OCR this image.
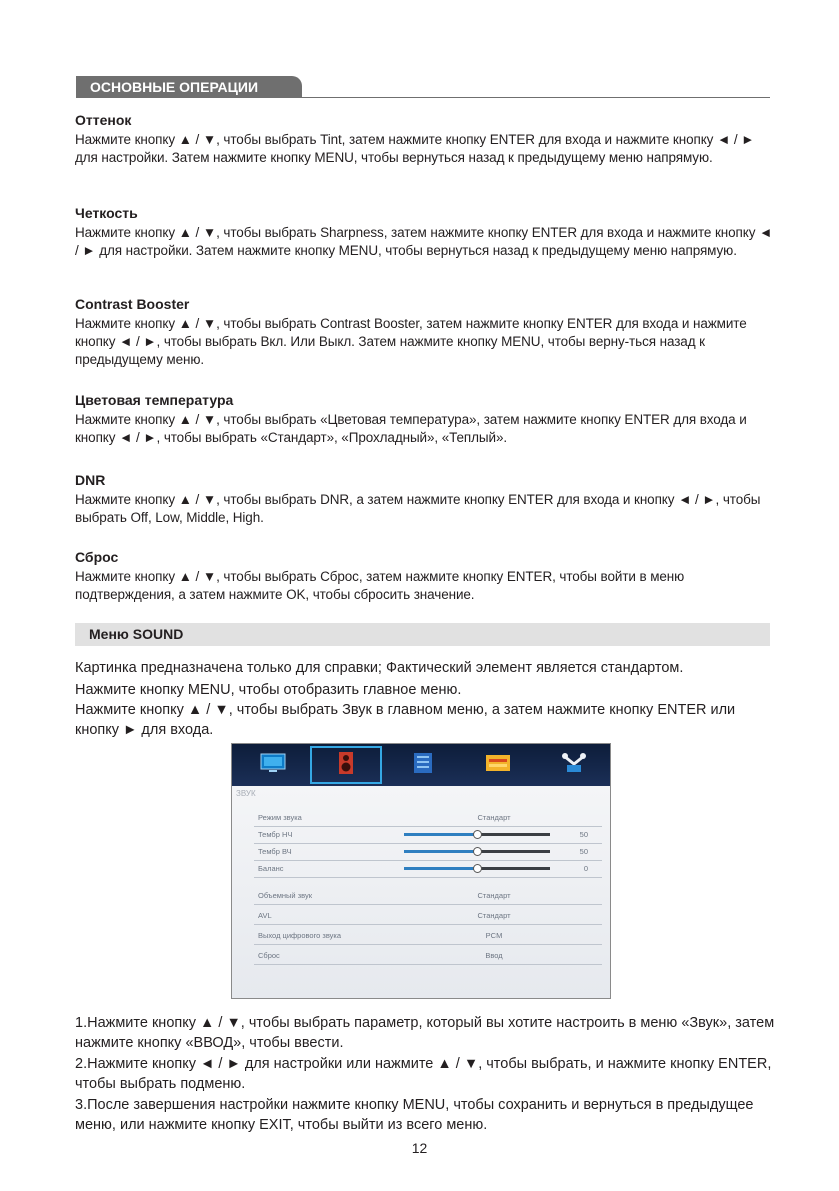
ОСНОВНЫЕ ОПЕРАЦИИ

Оттенок

Нажмите кнопку ▲ / ▼, чтобы выбрать Tint, затем нажмите кнопку ENTER для входа и нажмите кнопку ◄ / ► для настройки. Затем нажмите кнопку MENU, чтобы вернуться назад к предыдущему меню напрямую.

Четкость

Нажмите кнопку ▲ / ▼, чтобы выбрать Sharpness, затем нажмите кнопку ENTER для входа и нажмите кнопку ◄ / ► для настройки. Затем нажмите кнопку MENU, чтобы вернуться назад к предыдущему меню напрямую.

Contrast Booster

Нажмите кнопку ▲ / ▼, чтобы выбрать Contrast Booster, затем нажмите кнопку ENTER для входа и нажмите кнопку ◄ / ►, чтобы выбрать Вкл. Или Выкл. Затем нажмите кнопку MENU, чтобы верну-ться назад к предыдущему меню.

Цветовая температура

Нажмите кнопку ▲ / ▼, чтобы выбрать «Цветовая температура», затем нажмите кнопку ENTER для входа и кнопку ◄ / ►, чтобы выбрать «Стандарт», «Прохладный», «Теплый».

DNR

Нажмите кнопку ▲ / ▼, чтобы выбрать DNR, а затем нажмите кнопку ENTER для входа и кнопку ◄ / ►, чтобы выбрать Off, Low, Middle, High.

Сброс

Нажмите кнопку ▲ / ▼, чтобы выбрать Сброс, затем нажмите кнопку ENTER, чтобы войти в меню подтверждения, а затем нажмите OK, чтобы сбросить значение.

Меню SOUND

Картинка предназначена только для справки; Фактический элемент является стандартом.

Нажмите кнопку MENU, чтобы отобразить главное меню.

Нажмите кнопку ▲ / ▼, чтобы выбрать Звук в главном меню, а затем нажмите кнопку ENTER или кнопку ► для входа.

ЗВУК
Режим звука	Стандарт
Тембр НЧ	50
Тембр ВЧ	50
Баланс	0
Объемный звук	Стандарт
AVL	Стандарт
Выход цифрового звука	PCM
Сброс	Ввод

1.Нажмите кнопку ▲ / ▼, чтобы выбрать параметр, который вы хотите настроить в меню «Звук», затем нажмите кнопку «ВВОД», чтобы ввести.

2.Нажмите кнопку ◄ / ► для настройки или нажмите ▲ / ▼, чтобы выбрать, и нажмите кнопку ENTER, чтобы выбрать подменю.

3.После завершения настройки нажмите кнопку MENU, чтобы сохранить и вернуться в предыдущее меню, или нажмите кнопку EXIT, чтобы выйти из всего меню.

12
